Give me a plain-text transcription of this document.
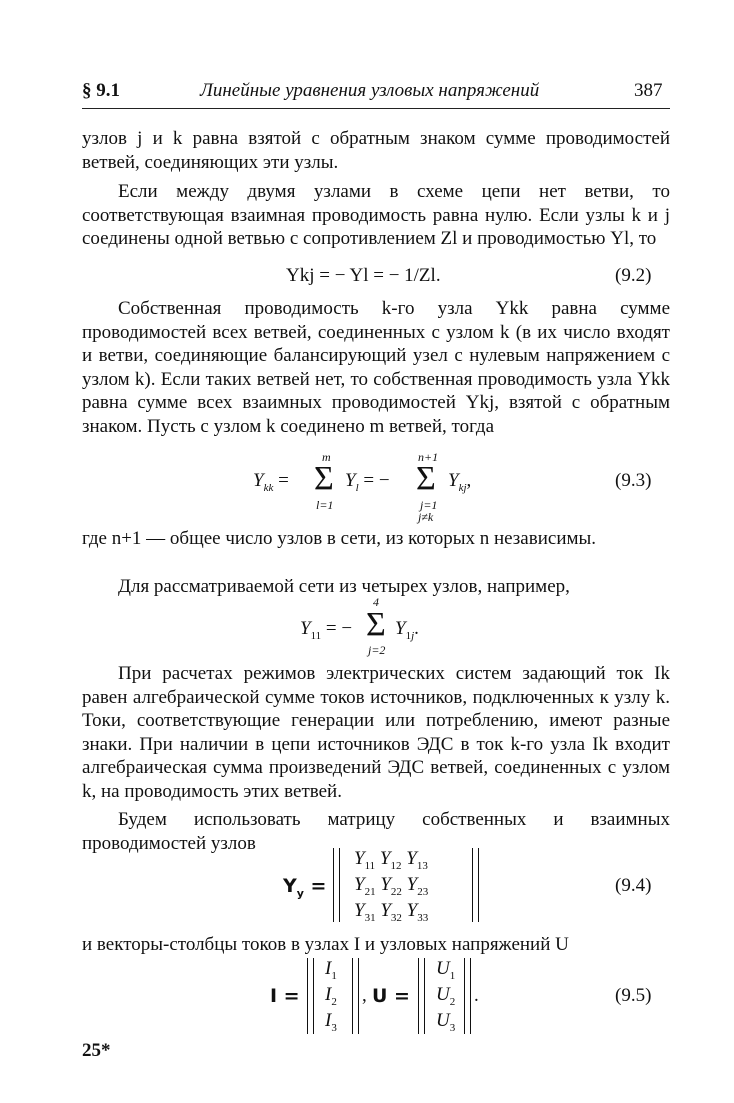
§ 9.1	Линейные уравнения узловых напряжений	387
узлов j и k равна взятой с обратным знаком сумме проводимостей ветвей, соединяющих эти узлы.
Если между двумя узлами в схеме цепи нет ветви, то соответствующая взаимная проводимость равна нулю. Если узлы k и j соединены одной ветвью с сопротивлением Zl и проводимостью Yl, то
Ykj = − Yl = − 1/Zl.	(9.2)
Собственная проводимость k-го узла Ykk равна сумме проводимостей всех ветвей, соединенных с узлом k (в их число входят и ветви, соединяющие балансирующий узел с нулевым напряжением с узлом k). Если таких ветвей нет, то собственная проводимость узла Ykk равна сумме всех взаимных проводимостей Ykj, взятой с обратным знаком. Пусть с узлом k соединено m ветвей, тогда
$Y_{kk}$ =
m
Σ
l=1
$Y_l$ = −
n+1
Σ
j=1
j≠k
$Y_{kj}$,	(9.3)
где n+1 — общее число узлов в сети, из которых n независимы.
Для рассматриваемой сети из четырех узлов, например,
$Y_{11}$ = −
4
Σ
j=2
$Y_{1j}$.
При расчетах режимов электрических систем задающий ток Ik равен алгебраической сумме токов источников, подключенных к узлу k. Токи, соответствующие генерации или потреблению, имеют разные знаки. При наличии в цепи источников ЭДС в ток k-го узла Ik входит алгебраическая сумма произведений ЭДС ветвей, соединенных с узлом k, на проводимость этих ветвей.
Будем использовать матрицу собственных и взаимных проводимостей узлов
$Y_y$ =
$Y_{11}$ $Y_{12}$ $Y_{13}$
$Y_{21}$ $Y_{22}$ $Y_{23}$
$Y_{31}$ $Y_{32}$ $Y_{33}$
(9.4)
и векторы-столбцы токов в узлах I и узловых напряжений U
I =
$I_1$
$I_2$
$I_3$
, U =
$U_1$
$U_2$
$U_3$
.	(9.5)
25*
